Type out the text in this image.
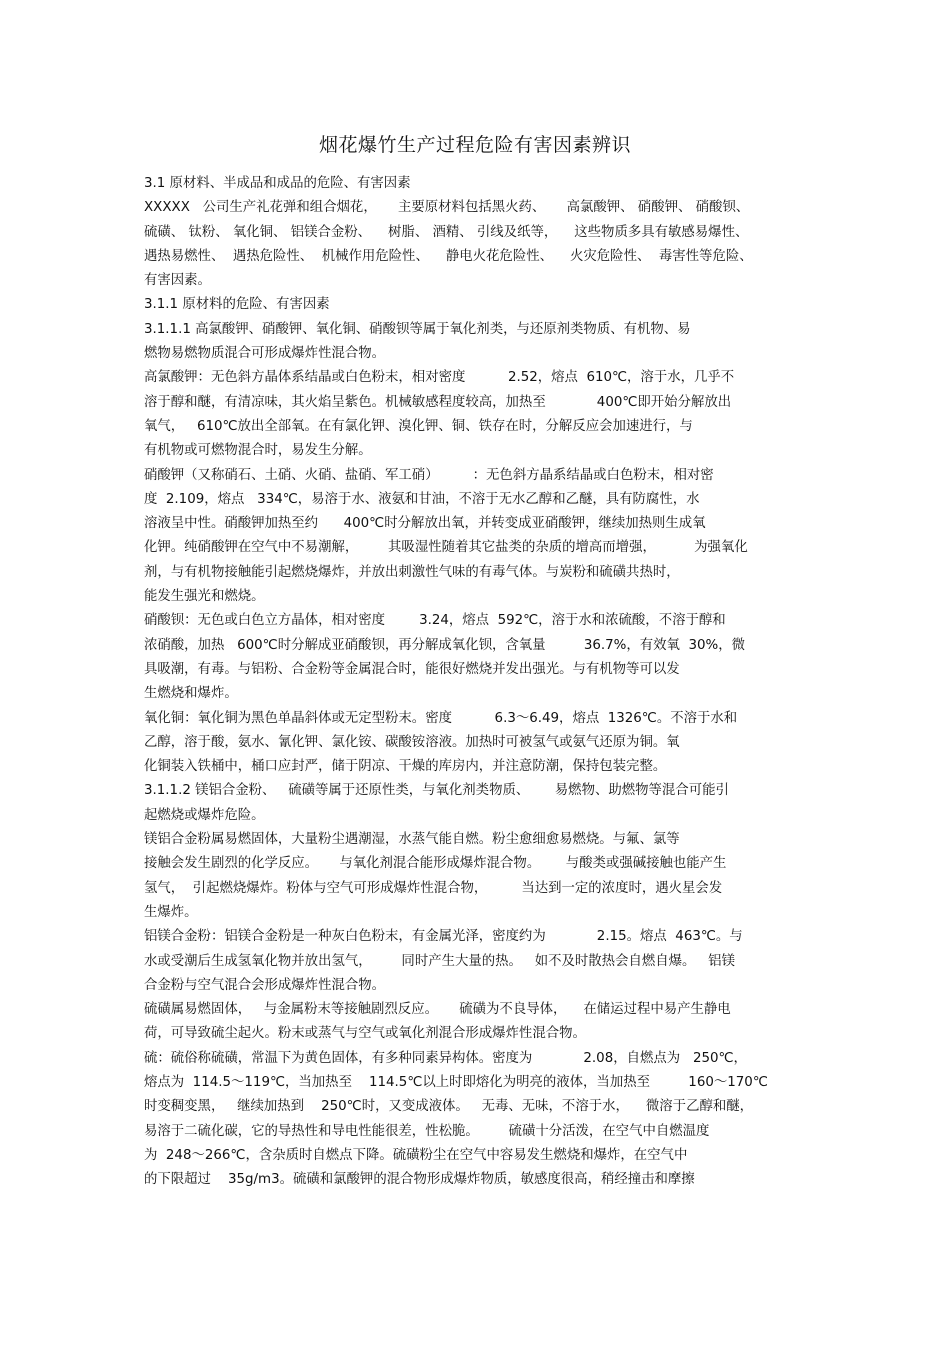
烟花爆竹生产过程危险有害因素辨识
3.1 原材料、半成品和成品的危险、有害因素
XXXXX   公司生产礼花弹和组合烟花，     主要原材料包括黑火药、     高氯酸钾、 硝酸钾、 硝酸钡、
硫磺、 钛粉、 氧化铜、 铝镁合金粉、    树脂、 酒精、 引线及纸等，    这些物质多具有敏感易爆性、
遇热易燃性、  遇热危险性、  机械作用危险性、    静电火花危险性、    火灾危险性、  毒害性等危险、
有害因素。
3.1.1 原材料的危险、有害因素
3.1.1.1 高氯酸钾、硝酸钾、氧化铜、硝酸钡等属于氧化剂类，与还原剂类物质、有机物、易
燃物易燃物质混合可形成爆炸性混合物。
高氯酸钾：无色斜方晶体系结晶或白色粉末，相对密度          2.52，熔点  610℃，溶于水，几乎不
溶于醇和醚，有清凉味，其火焰呈紫色。机械敏感程度较高，加热至            400℃即开始分解放出
氧气，   610℃放出全部氧。在有氯化钾、溴化钾、铜、铁存在时，分解反应会加速进行，与
有机物或可燃物混合时，易发生分解。
硝酸钾（又称硝石、土硝、火硝、盐硝、军工硝）        ：无色斜方晶系结晶或白色粉末，相对密
度  2.109，熔点   334℃，易溶于水、液氨和甘油，不溶于无水乙醇和乙醚，具有防腐性，水
溶液呈中性。硝酸钾加热至约      400℃时分解放出氧，并转变成亚硝酸钾，继续加热则生成氧
化钾。纯硝酸钾在空气中不易潮解，       其吸湿性随着其它盐类的杂质的增高而增强，         为强氧化
剂，与有机物接触能引起燃烧爆炸，并放出刺激性气味的有毒气体。与炭粉和硫磺共热时，
能发生强光和燃烧。
硝酸钡：无色或白色立方晶体，相对密度        3.24，熔点  592℃，溶于水和浓硫酸，不溶于醇和
浓硝酸，加热   600℃时分解成亚硝酸钡，再分解成氧化钡，含氧量         36.7%，有效氧  30%，微
具吸潮，有毒。与铝粉、合金粉等金属混合时，能很好燃烧并发出强光。与有机物等可以发
生燃烧和爆炸。
氧化铜：氧化铜为黑色单晶斜体或无定型粉末。密度          6.3～6.49，熔点  1326℃。不溶于水和
乙醇，溶于酸，氨水、氰化钾、氯化铵、碳酸铵溶液。加热时可被氢气或氨气还原为铜。氧
化铜装入铁桶中，桶口应封严，储于阴凉、干燥的库房内，并注意防潮，保持包装完整。
3.1.1.2 镁铝合金粉、   硫磺等属于还原性类，与氧化剂类物质、      易燃物、助燃物等混合可能引
起燃烧或爆炸危险。
镁铝合金粉属易燃固体，大量粉尘遇潮湿，水蒸气能自燃。粉尘愈细愈易燃烧。与氟、氯等
接触会发生剧烈的化学反应。     与氧化剂混合能形成爆炸混合物。      与酸类或强碱接触也能产生
氢气，  引起燃烧爆炸。粉体与空气可形成爆炸性混合物，        当达到一定的浓度时，遇火星会发
生爆炸。
铝镁合金粉：铝镁合金粉是一种灰白色粉末，有金属光泽，密度约为            2.15。熔点  463℃。与
水或受潮后生成氢氧化物并放出氢气，       同时产生大量的热。   如不及时散热会自燃自爆。   铝镁
合金粉与空气混合会形成爆炸性混合物。
硫磺属易燃固体，   与金属粉末等接触剧烈反应。     硫磺为不良导体，    在储运过程中易产生静电
荷，可导致硫尘起火。粉末或蒸气与空气或氧化剂混合形成爆炸性混合物。
硫：硫俗称硫磺，常温下为黄色固体，有多种同素异构体。密度为            2.08，自燃点为   250℃，
熔点为  114.5～119℃，当加热至    114.5℃以上时即熔化为明亮的液体，当加热至         160～170℃
时变稠变黑，   继续加热到    250℃时，又变成液体。   无毒、无味，不溶于水，    微溶于乙醇和醚，
易溶于二硫化碳，它的导热性和导电性能很差，性松脆。       硫磺十分活泼，在空气中自燃温度
为  248～266℃，含杂质时自燃点下降。硫磺粉尘在空气中容易发生燃烧和爆炸，在空气中
的下限超过    35g/m3。硫磺和氯酸钾的混合物形成爆炸物质，敏感度很高，稍经撞击和摩擦
